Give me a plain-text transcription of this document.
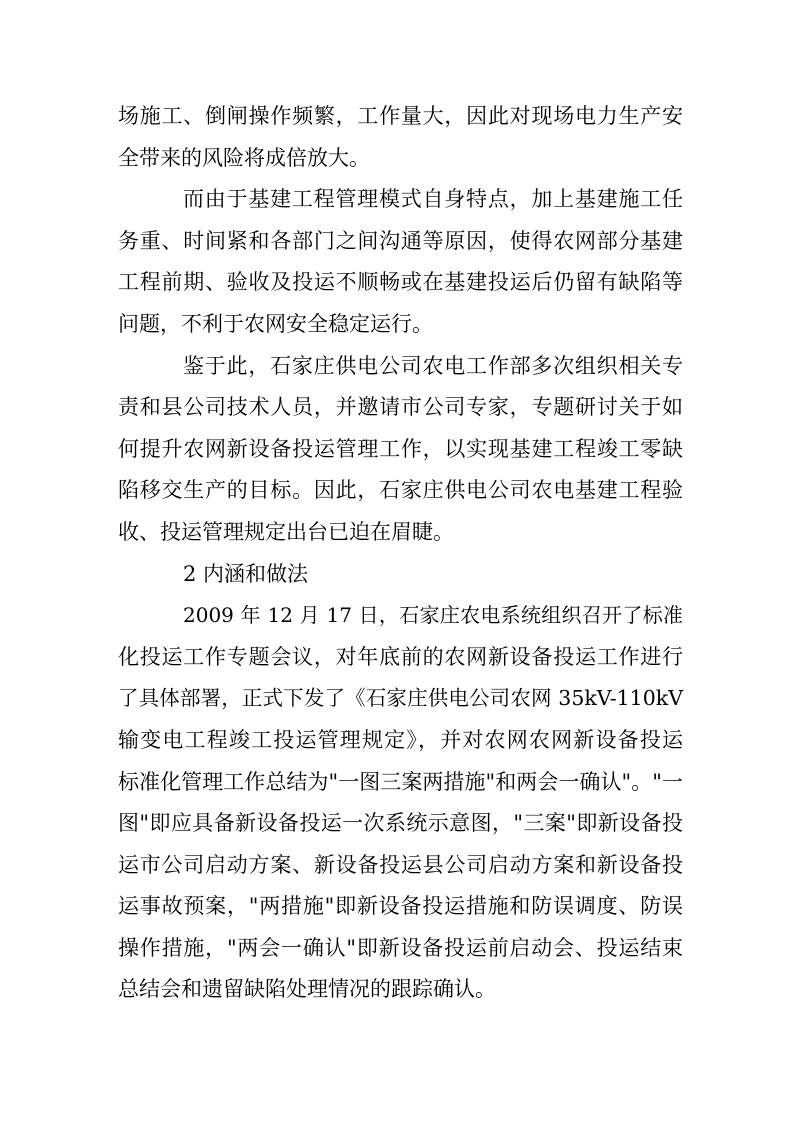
场施工、倒闸操作频繁，工作量大，因此对现场电力生产安
全带来的风险将成倍放大。
而由于基建工程管理模式自身特点，加上基建施工任
务重、时间紧和各部门之间沟通等原因，使得农网部分基建
工程前期、验收及投运不顺畅或在基建投运后仍留有缺陷等
问题，不利于农网安全稳定运行。
鉴于此，石家庄供电公司农电工作部多次组织相关专
责和县公司技术人员，并邀请市公司专家，专题研讨关于如
何提升农网新设备投运管理工作，以实现基建工程竣工零缺
陷移交生产的目标。因此，石家庄供电公司农电基建工程验
收、投运管理规定出台已迫在眉睫。
2 内涵和做法
2009 年 12 月 17 日，石家庄农电系统组织召开了标准
化投运工作专题会议，对年底前的农网新设备投运工作进行
了具体部署，正式下发了《石家庄供电公司农网 35kV-110kV
输变电工程竣工投运管理规定》，并对农网农网新设备投运
标准化管理工作总结为"一图三案两措施"和两会一确认"。"一
图"即应具备新设备投运一次系统示意图，"三案"即新设备投
运市公司启动方案、新设备投运县公司启动方案和新设备投
运事故预案，"两措施"即新设备投运措施和防误调度、防误
操作措施，"两会一确认"即新设备投运前启动会、投运结束
总结会和遗留缺陷处理情况的跟踪确认。
